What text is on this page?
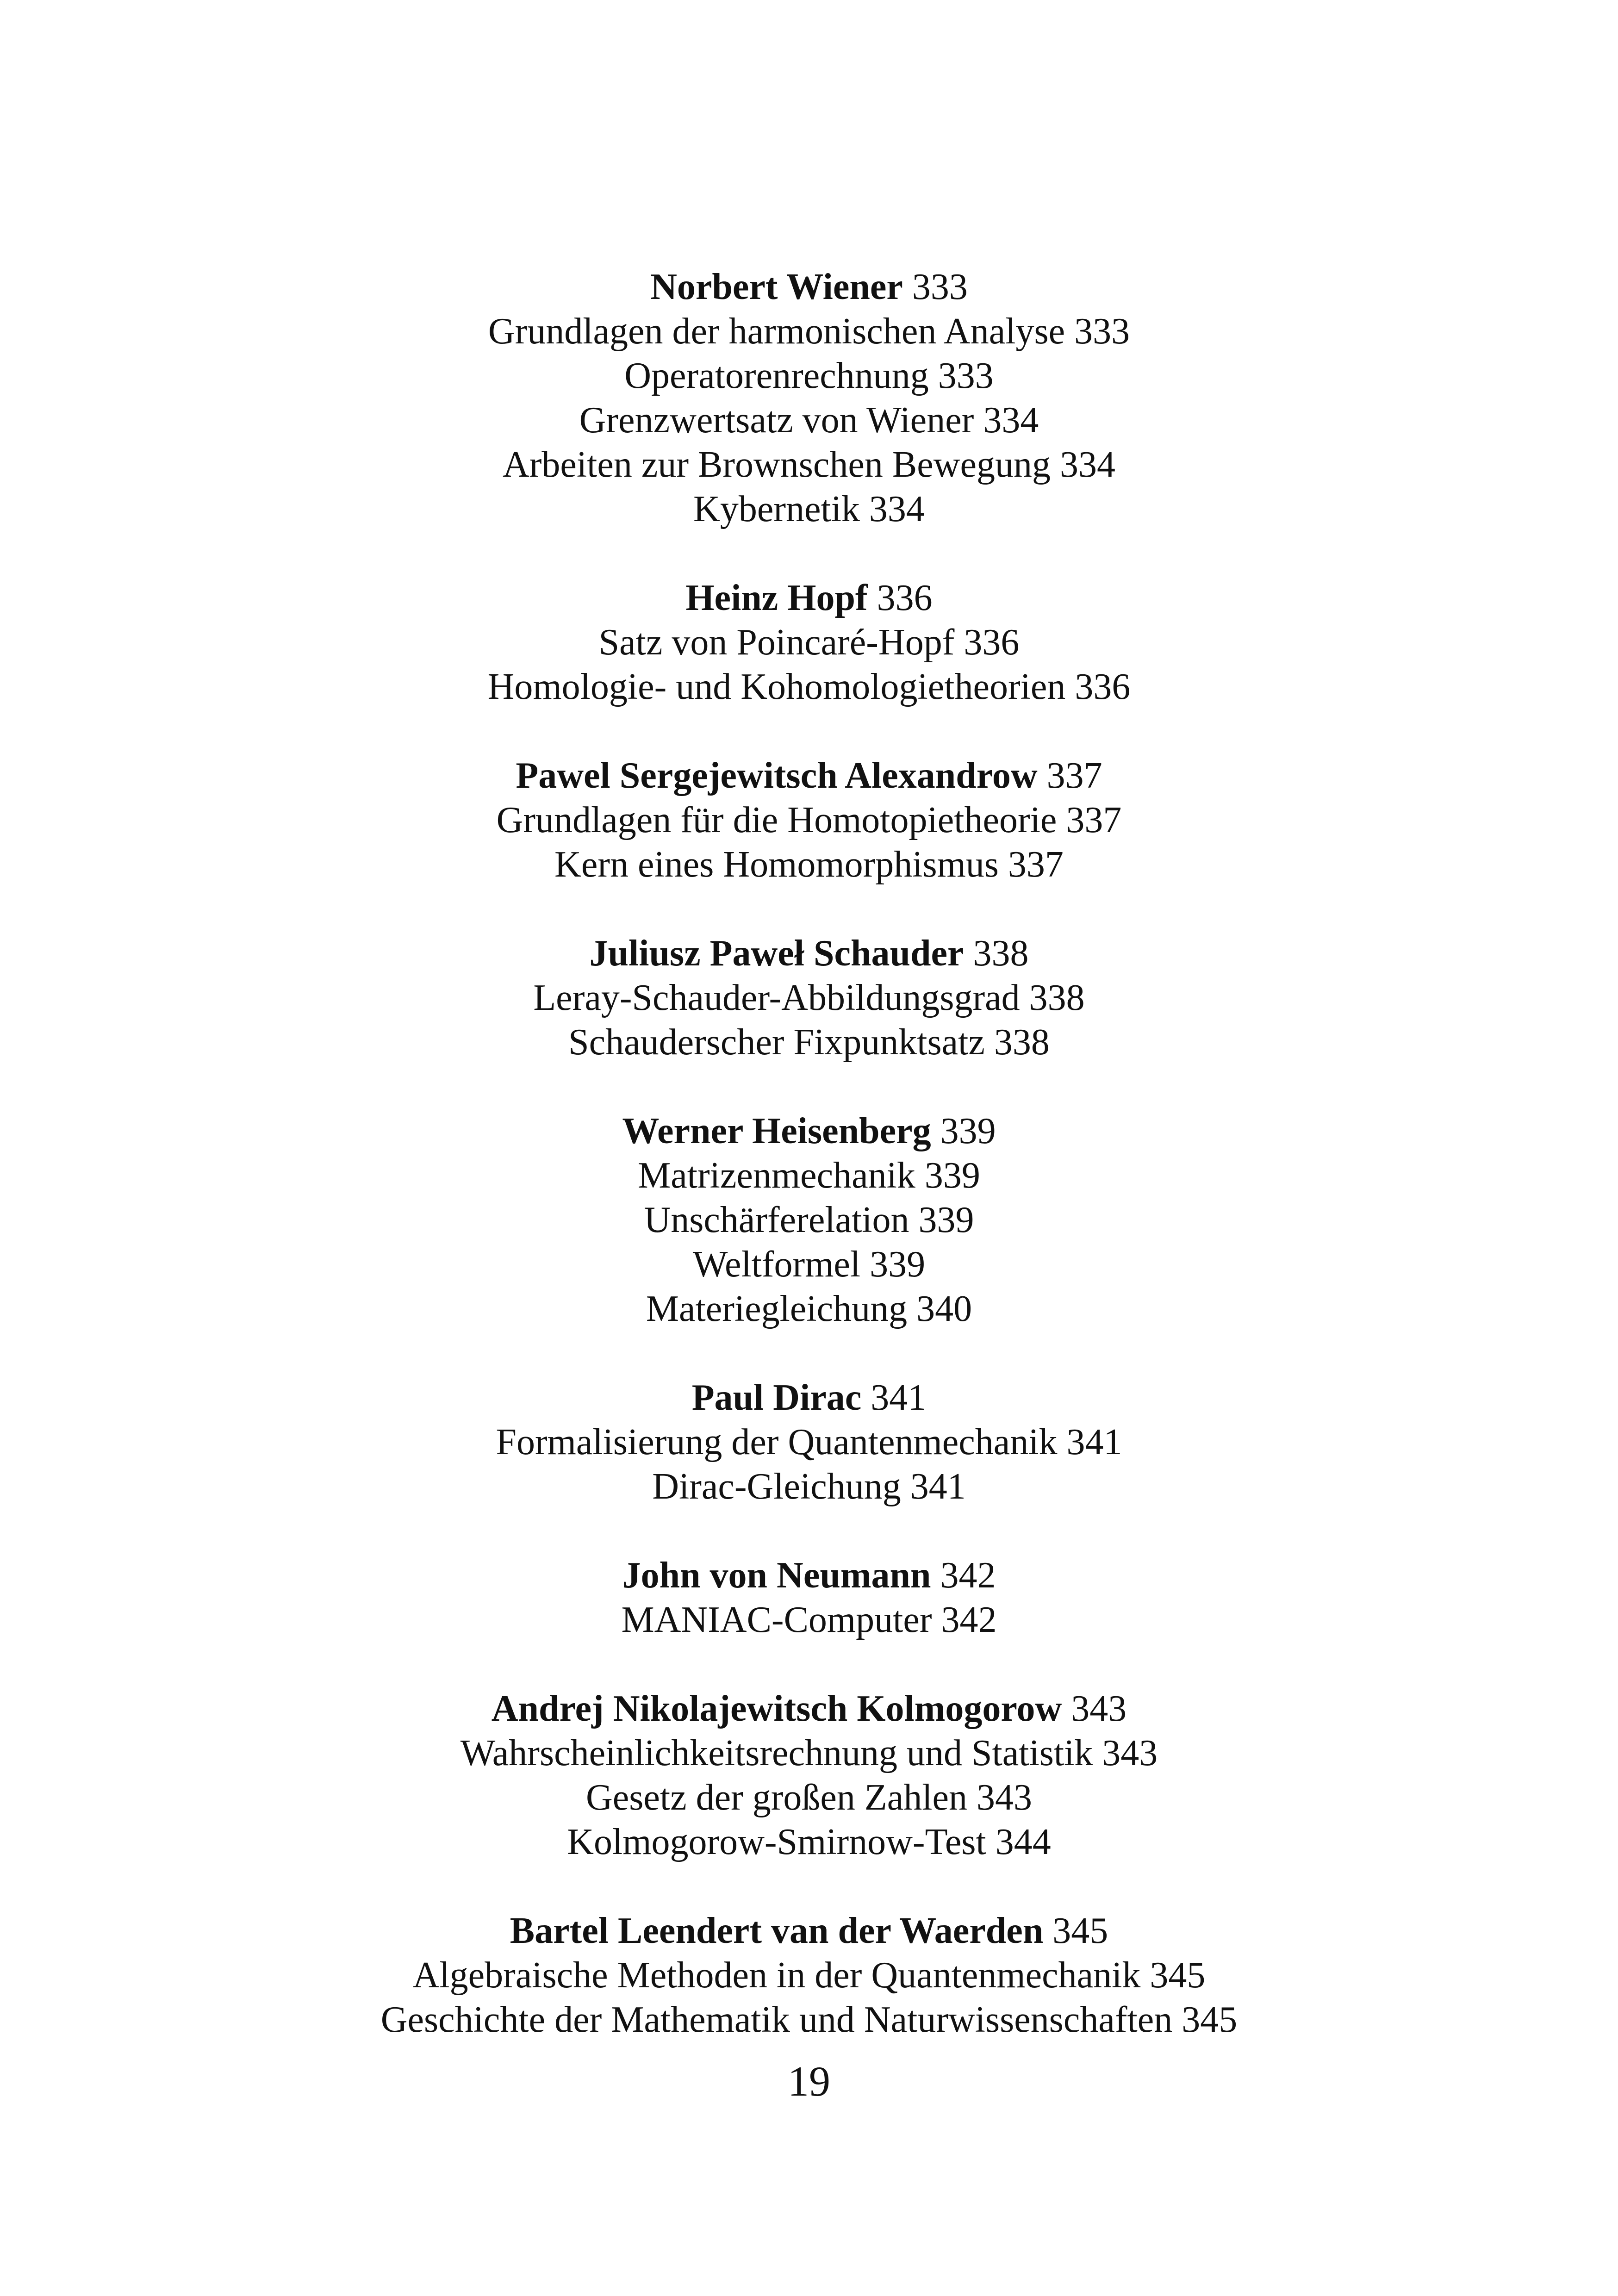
Norbert Wiener 333
Grundlagen der harmonischen Analyse 333
Operatorenrechnung 333
Grenzwertsatz von Wiener 334
Arbeiten zur Brownschen Bewegung 334
Kybernetik 334
Heinz Hopf 336
Satz von Poincaré-Hopf 336
Homologie- und Kohomologietheorien 336
Pawel Sergejewitsch Alexandrow 337
Grundlagen für die Homotopietheorie 337
Kern eines Homomorphismus 337
Juliusz Paweł Schauder 338
Leray-Schauder-Abbildungsgrad 338
Schauderscher Fixpunktsatz 338
Werner Heisenberg 339
Matrizenmechanik 339
Unschärferelation 339
Weltformel 339
Materiegleichung 340
Paul Dirac 341
Formalisierung der Quantenmechanik 341
Dirac-Gleichung 341
John von Neumann 342
MANIAC-Computer 342
Andrej Nikolajewitsch Kolmogorow 343
Wahrscheinlichkeitsrechnung und Statistik 343
Gesetz der großen Zahlen 343
Kolmogorow-Smirnow-Test 344
Bartel Leendert van der Waerden 345
Algebraische Methoden in der Quantenmechanik 345
Geschichte der Mathematik und Naturwissenschaften 345
19
